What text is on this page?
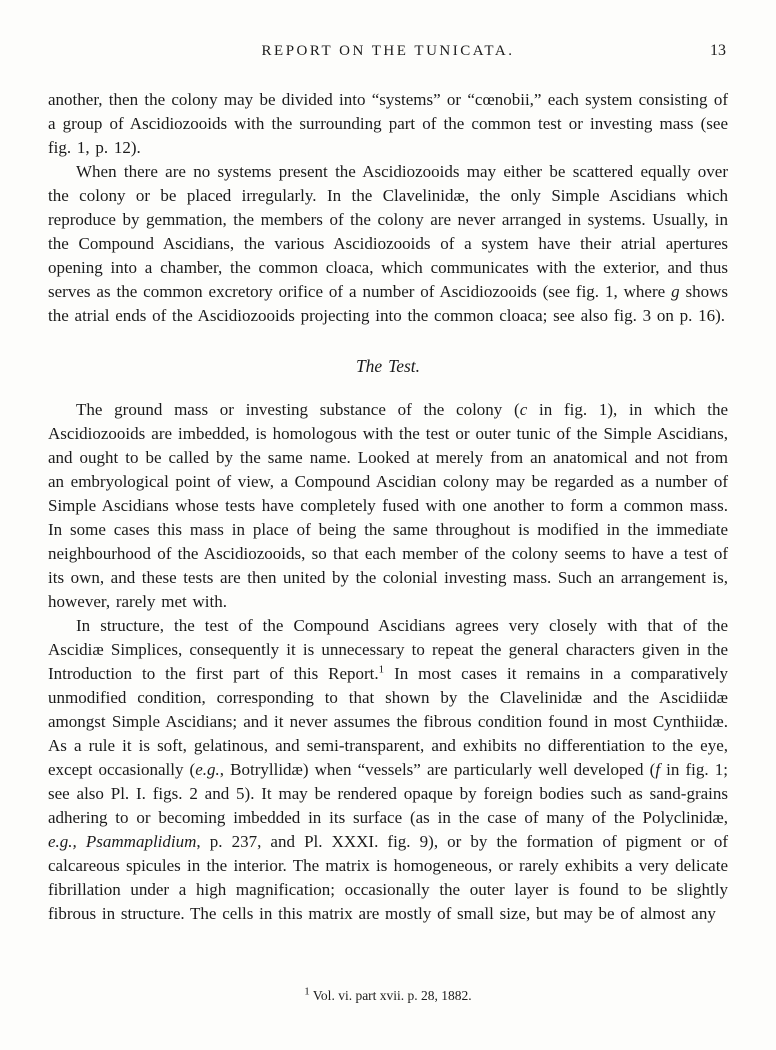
REPORT ON THE TUNICATA.	13

another, then the colony may be divided into “systems” or “cœnobii,” each system consisting of a group of Ascidiozooids with the surrounding part of the common test or investing mass (see fig. 1, p. 12).

When there are no systems present the Ascidiozooids may either be scattered equally over the colony or be placed irregularly. In the Clavelinidæ, the only Simple Ascidians which reproduce by gemmation, the members of the colony are never arranged in systems. Usually, in the Compound Ascidians, the various Ascidiozooids of a system have their atrial apertures opening into a chamber, the common cloaca, which communicates with the exterior, and thus serves as the common excretory orifice of a number of Ascidiozooids (see fig. 1, where g shows the atrial ends of the Ascidiozooids projecting into the common cloaca; see also fig. 3 on p. 16).

The Test.

The ground mass or investing substance of the colony (c in fig. 1), in which the Ascidiozooids are imbedded, is homologous with the test or outer tunic of the Simple Ascidians, and ought to be called by the same name. Looked at merely from an anatomical and not from an embryological point of view, a Compound Ascidian colony may be regarded as a number of Simple Ascidians whose tests have completely fused with one another to form a common mass. In some cases this mass in place of being the same throughout is modified in the immediate neighbourhood of the Ascidiozooids, so that each member of the colony seems to have a test of its own, and these tests are then united by the colonial investing mass. Such an arrangement is, however, rarely met with.

In structure, the test of the Compound Ascidians agrees very closely with that of the Ascidiæ Simplices, consequently it is unnecessary to repeat the general characters given in the Introduction to the first part of this Report.$^1$ In most cases it remains in a comparatively unmodified condition, corresponding to that shown by the Clavelinidæ and the Ascidiidæ amongst Simple Ascidians; and it never assumes the fibrous condition found in most Cynthiidæ. As a rule it is soft, gelatinous, and semi-transparent, and exhibits no differentiation to the eye, except occasionally (e.g., Botryllidæ) when “vessels” are particularly well developed (f in fig. 1; see also Pl. I. figs. 2 and 5). It may be rendered opaque by foreign bodies such as sand-grains adhering to or becoming imbedded in its surface (as in the case of many of the Polyclinidæ, e.g., Psammaplidium, p. 237, and Pl. XXXI. fig. 9), or by the formation of pigment or of calcareous spicules in the interior. The matrix is homogeneous, or rarely exhibits a very delicate fibrillation under a high magnification; occasionally the outer layer is found to be slightly fibrous in structure. The cells in this matrix are mostly of small size, but may be of almost any

$^1$ Vol. vi. part xvii. p. 28, 1882.
